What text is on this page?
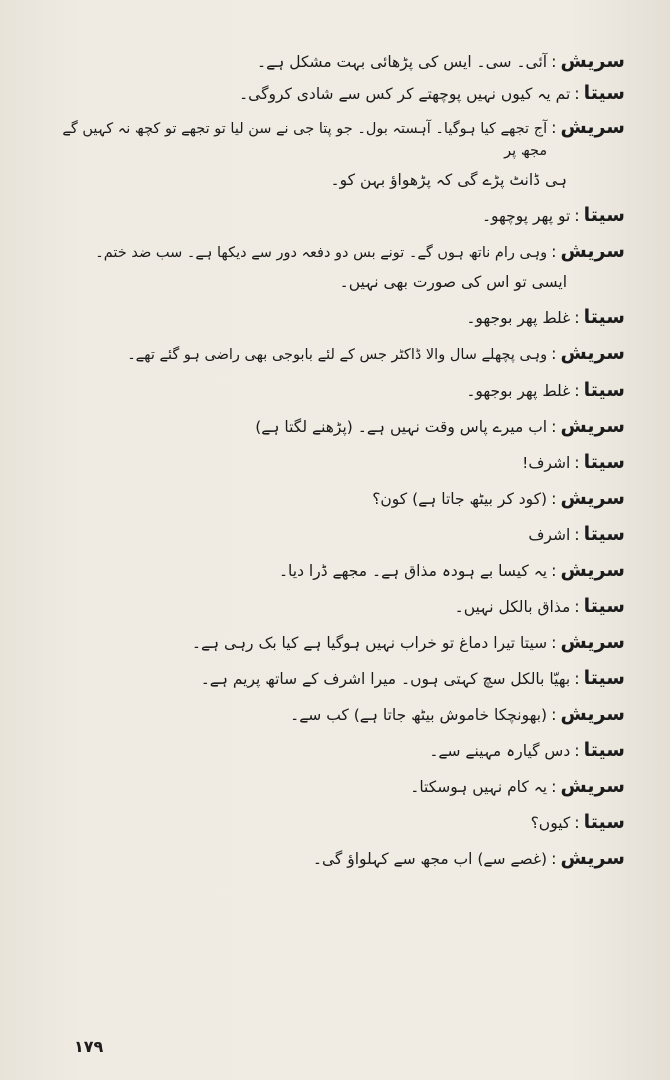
سریش
:
آئی۔ سی۔ ایس کی پڑھائی بہت مشکل ہے۔
سیتا
:
تم یہ کیوں نہیں پوچھتے کر کس سے شادی کروگی۔
سریش
:
آج تجھے کیا ہوگیا۔ آہستہ بول۔ جو پتا جی نے سن لیا تو تجھے تو کچھ نہ کہیں گے مجھ پر
ہی ڈانٹ پڑے گی کہ پڑھواؤ بہن کو۔
سیتا
:
تو پھر پوچھو۔
سریش
:
وہی رام ناتھ ہوں گے۔ تونے بس دو دفعہ دور سے دیکھا ہے۔ سب ضد ختم۔
ایسی تو اس کی صورت بھی نہیں۔
سیتا
:
غلط پھر بوجھو۔
سریش
:
وہی پچھلے سال والا ڈاکٹر جس کے لئے بابوجی بھی راضی ہو گئے تھے۔
سیتا
:
غلط پھر بوجھو۔
سریش
:
اب میرے پاس وقت نہیں ہے۔ (پڑھنے لگتا ہے)
سیتا
:
اشرف!
سریش
:
(کود کر بیٹھ جاتا ہے) کون؟
سیتا
:
اشرف
سریش
:
یہ کیسا بے ہودہ مذاق ہے۔ مجھے ڈرا دیا۔
سیتا
:
مذاق بالکل نہیں۔
سریش
:
سیتا تیرا دماغ تو خراب نہیں ہوگیا ہے کیا بک رہی ہے۔
سیتا
:
بھیّا بالکل سچ کہتی ہوں۔ میرا اشرف کے ساتھ پریم ہے۔
سریش
:
(بھونچکا خاموش بیٹھ جاتا ہے) کب سے۔
سیتا
:
دس گیارہ مہینے سے۔
سریش
:
یہ کام نہیں ہوسکتا۔
سیتا
:
کیوں؟
سریش
:
(غصے سے) اب مجھ سے کہلواؤ گی۔
۱۷۹
